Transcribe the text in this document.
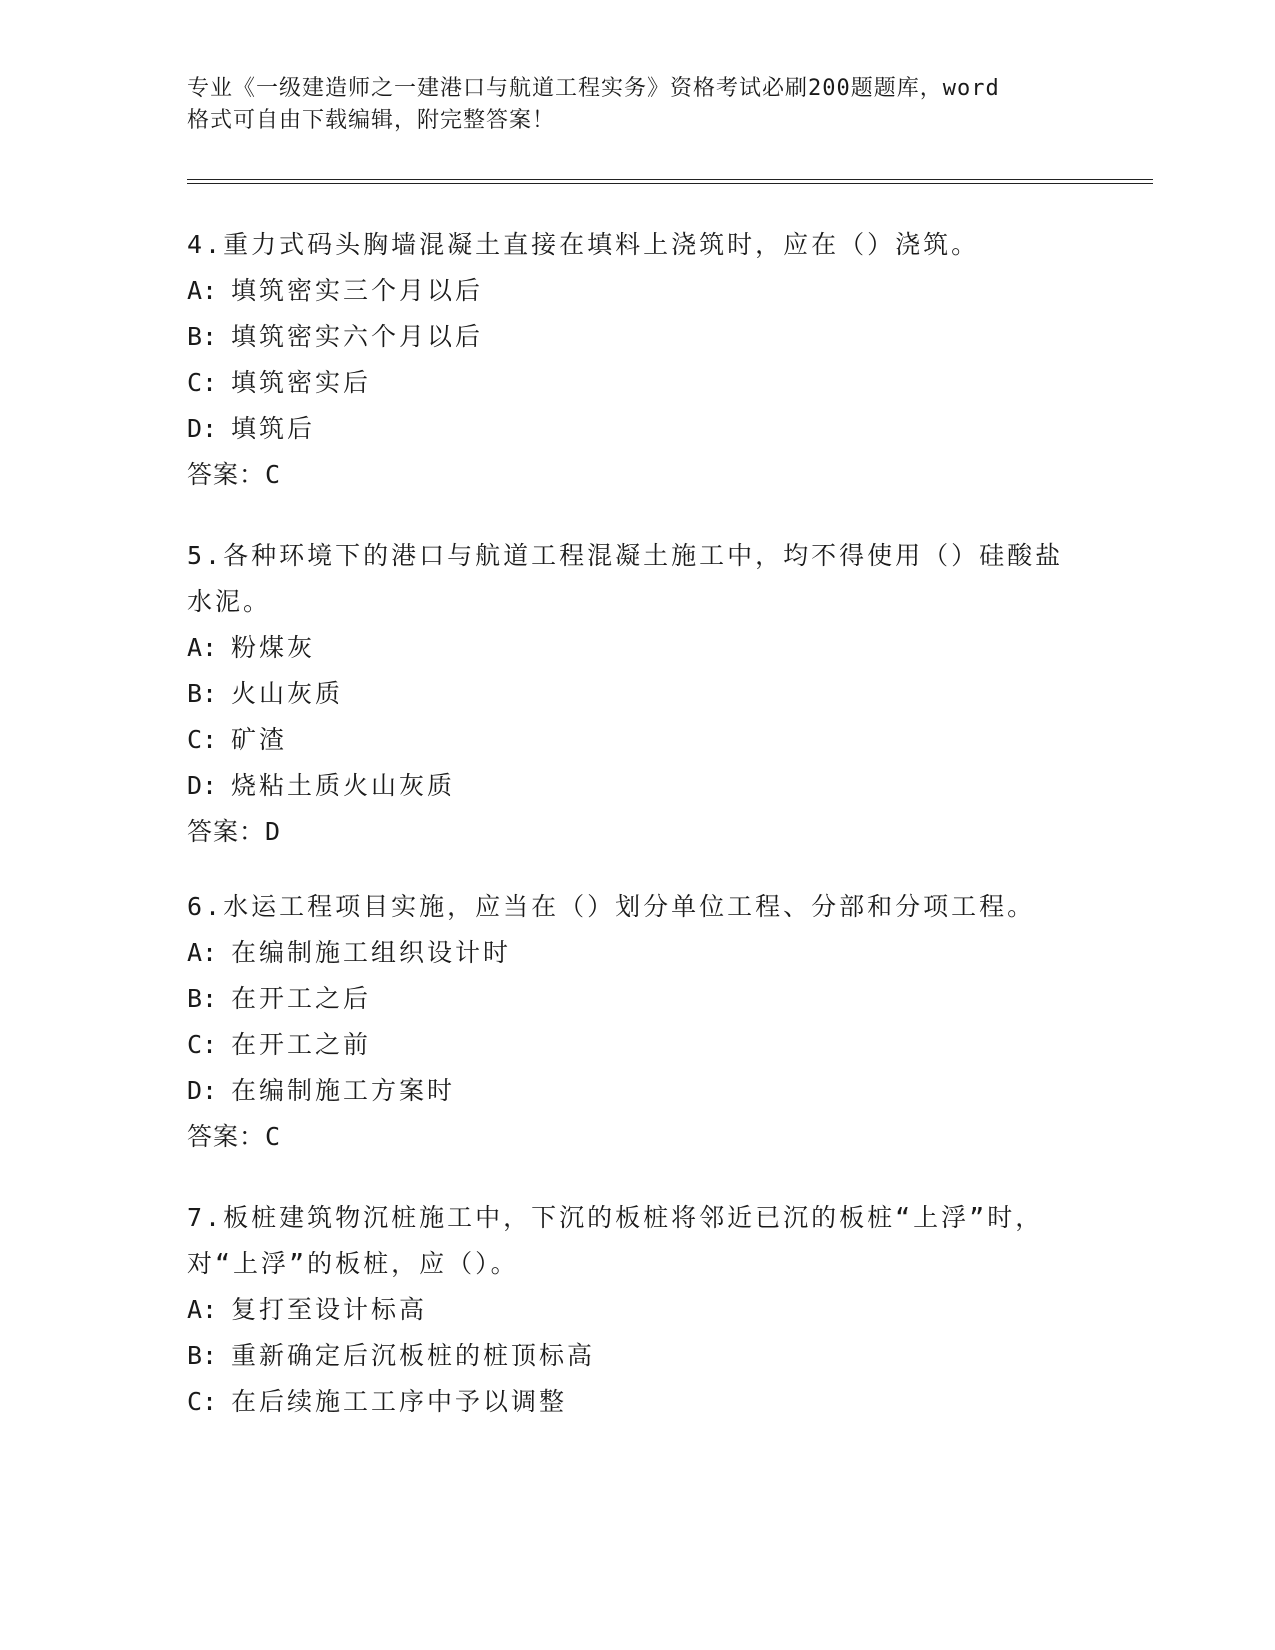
专业《一级建造师之一建港口与航道工程实务》资格考试必刷200题题库，word
格式可自由下载编辑，附完整答案！

4.重力式码头胸墙混凝土直接在填料上浇筑时，应在（）浇筑。

A: 填筑密实三个月以后

B: 填筑密实六个月以后

C: 填筑密实后

D: 填筑后

答案：C

5.各种环境下的港口与航道工程混凝土施工中，均不得使用（）硅酸盐水泥。

A: 粉煤灰

B: 火山灰质

C: 矿渣

D: 烧粘土质火山灰质

答案：D

6.水运工程项目实施，应当在（）划分单位工程、分部和分项工程。

A: 在编制施工组织设计时

B: 在开工之后

C: 在开工之前

D: 在编制施工方案时

答案：C

7.板桩建筑物沉桩施工中，下沉的板桩将邻近已沉的板桩“上浮”时，对“上浮”的板桩，应（）。

A: 复打至设计标高

B: 重新确定后沉板桩的桩顶标高

C: 在后续施工工序中予以调整
